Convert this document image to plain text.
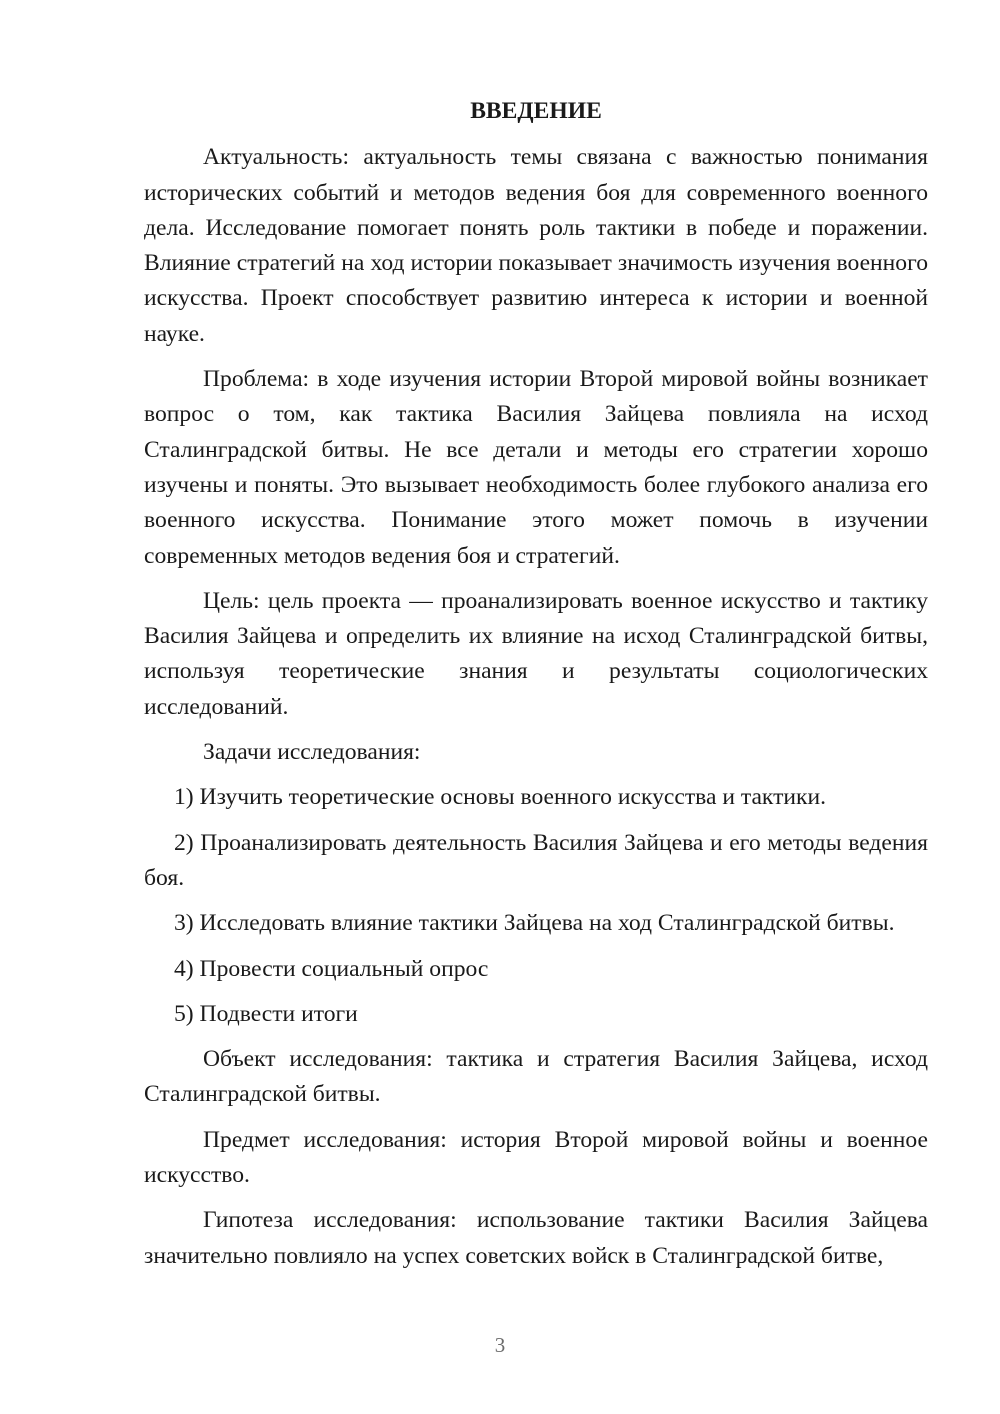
ВВЕДЕНИЕ

Актуальность: актуальность темы связана с важностью понимания исторических событий и методов ведения боя для современного военного дела. Исследование помогает понять роль тактики в победе и поражении. Влияние стратегий на ход истории показывает значимость изучения военного искусства. Проект способствует развитию интереса к истории и военной науке.

Проблема: в ходе изучения истории Второй мировой войны возникает вопрос о том, как тактика Василия Зайцева повлияла на исход Сталинградской битвы. Не все детали и методы его стратегии хорошо изучены и поняты. Это вызывает необходимость более глубокого анализа его военного искусства. Понимание этого может помочь в изучении современных методов ведения боя и стратегий.

Цель: цель проекта — проанализировать военное искусство и тактику Василия Зайцева и определить их влияние на исход Сталинградской битвы, используя теоретические знания и результаты социологических исследований.

Задачи исследования:

1) Изучить теоретические основы военного искусства и тактики.

2) Проанализировать деятельность Василия Зайцева и его методы ведения боя.

3) Исследовать влияние тактики Зайцева на ход Сталинградской битвы.

4) Провести социальный опрос

5) Подвести итоги

Объект исследования: тактика и стратегия Василия Зайцева, исход Сталинградской битвы.

Предмет исследования: история Второй мировой войны и военное искусство.

Гипотеза исследования: использование тактики Василия Зайцева значительно повлияло на успех советских войск в Сталинградской битве,

3
